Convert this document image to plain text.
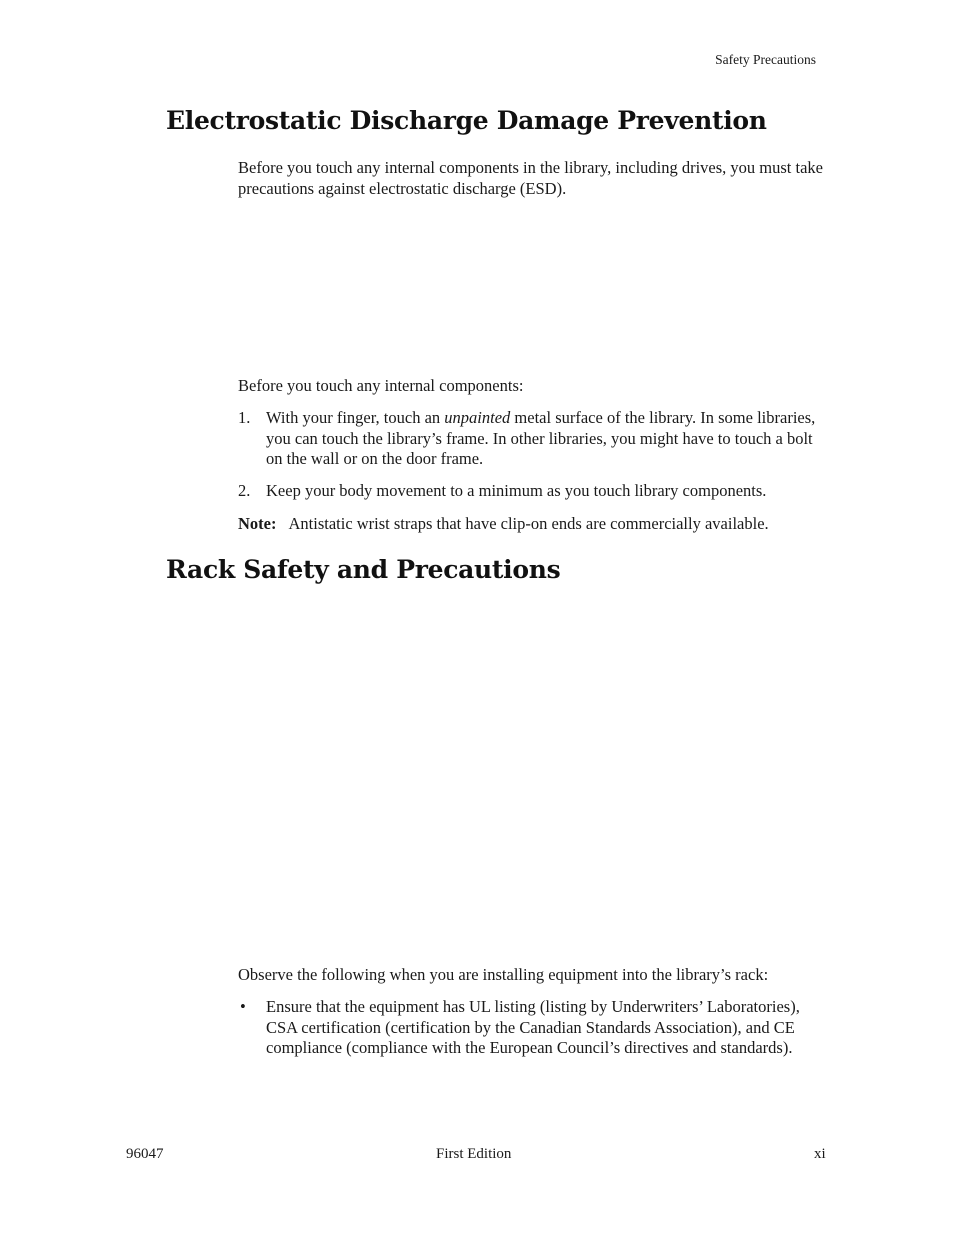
Safety Precautions
Electrostatic Discharge Damage Prevention

Before you touch any internal components in the library, including drives, you must take precautions against electrostatic discharge (ESD).

Before you touch any internal components:

1. With your finger, touch an unpainted metal surface of the library. In some libraries, you can touch the library’s frame. In other libraries, you might have to touch a bolt on the wall or on the door frame.
2. Keep your body movement to a minimum as you touch library components.
Note: Antistatic wrist straps that have clip-on ends are commercially available.
Rack Safety and Precautions

Observe the following when you are installing equipment into the library’s rack:

• Ensure that the equipment has UL listing (listing by Underwriters’ Laboratories), CSA certification (certification by the Canadian Standards Association), and CE compliance (compliance with the European Council’s directives and standards).
96047	First Edition	xi
